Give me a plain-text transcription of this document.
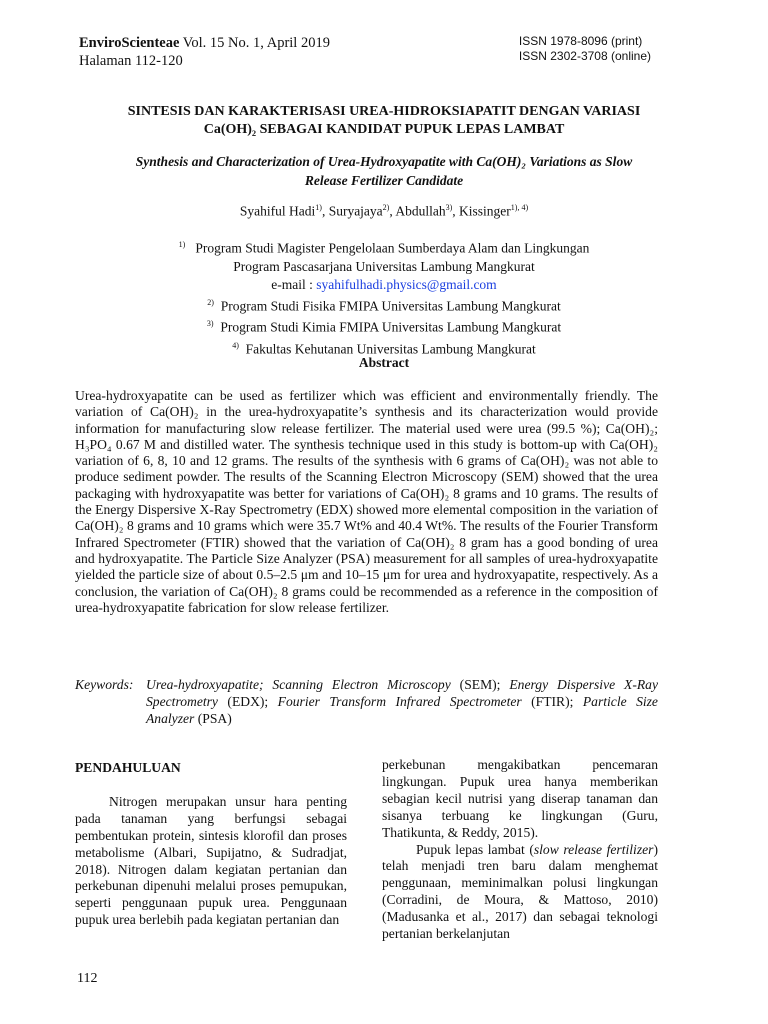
EnviroScienteae Vol. 15 No. 1, April 2019
Halaman 112-120
ISSN 1978-8096 (print)
ISSN 2302-3708 (online)
SINTESIS DAN KARAKTERISASI UREA-HIDROKSIAPATIT DENGAN VARIASI
Ca(OH)₂ SEBAGAI KANDIDAT PUPUK LEPAS LAMBAT
Synthesis and Characterization of Urea-Hydroxyapatite with Ca(OH)₂ Variations as Slow
Release Fertilizer Candidate
Syahiful Hadi$^{1)}$, Suryajaya$^{2)}$, Abdullah$^{3)}$, Kissinger$^{1), 4)}$
$^{1)}$ Program Studi Magister Pengelolaan Sumberdaya Alam dan Lingkungan
Program Pascasarjana Universitas Lambung Mangkurat
e-mail : syahifulhadi.physics@gmail.com
$^{2)}$ Program Studi Fisika FMIPA Universitas Lambung Mangkurat
$^{3)}$ Program Studi Kimia FMIPA Universitas Lambung Mangkurat
$^{4)}$ Fakultas Kehutanan Universitas Lambung Mangkurat
Abstract

Urea-hydroxyapatite can be used as fertilizer which was efficient and environmentally friendly. The variation of Ca(OH)₂ in the urea-hydroxyapatite’s synthesis and its characterization would provide information for manufacturing slow release fertilizer. The material used were urea (99.5 %); Ca(OH)₂; H₃PO₄ 0.67 M and distilled water. The synthesis technique used in this study is bottom-up with Ca(OH)₂ variation of 6, 8, 10 and 12 grams. The results of the synthesis with 6 grams of Ca(OH)₂ was not able to produce sediment powder. The results of the Scanning Electron Microscopy (SEM) showed that the urea packaging with hydroxyapatite was better for variations of Ca(OH)₂ 8 grams and 10 grams. The results of the Energy Dispersive X-Ray Spectrometry (EDX) showed more elemental composition in the variation of Ca(OH)₂ 8 grams and 10 grams which were 35.7 Wt% and 40.4 Wt%. The results of the Fourier Transform Infrared Spectrometer (FTIR) showed that the variation of Ca(OH)₂ 8 gram has a good bonding of urea and hydroxyapatite. The Particle Size Analyzer (PSA) measurement for all samples of urea-hydroxyapatite yielded the particle size of about 0.5–2.5 μm and 10–15 μm for urea and hydroxyapatite, respectively. As a conclusion, the variation of Ca(OH)₂ 8 grams could be recommended as a reference in the composition of urea-hydroxyapatite fabrication for slow release fertilizer.

Keywords: Urea-hydroxyapatite; Scanning Electron Microscopy (SEM); Energy Dispersive X-Ray Spectrometry (EDX); Fourier Transform Infrared Spectrometer (FTIR); Particle Size Analyzer (PSA)
PENDAHULUAN

Nitrogen merupakan unsur hara penting pada tanaman yang berfungsi sebagai pembentukan protein, sintesis klorofil dan proses metabolisme (Albari, Supijatno, & Sudradjat, 2018). Nitrogen dalam kegiatan pertanian dan perkebunan dipenuhi melalui proses pemupukan, seperti penggunaan pupuk urea. Penggunaan pupuk urea berlebih pada kegiatan pertanian dan

perkebunan mengakibatkan pencemaran lingkungan. Pupuk urea hanya memberikan sebagian kecil nutrisi yang diserap tanaman dan sisanya terbuang ke lingkungan (Guru, Thatikunta, & Reddy, 2015).

Pupuk lepas lambat (slow release fertilizer) telah menjadi tren baru dalam menghemat penggunaan, meminimalkan polusi lingkungan (Corradini, de Moura, & Mattoso, 2010) (Madusanka et al., 2017) dan sebagai teknologi pertanian berkelanjutan

112
